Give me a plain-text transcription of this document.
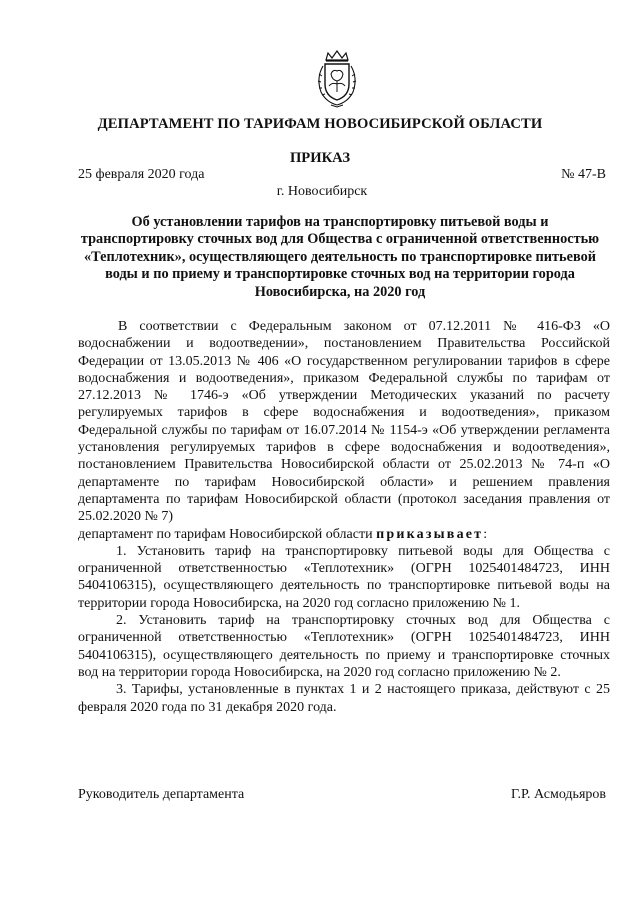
ДЕПАРТАМЕНТ ПО ТАРИФАМ НОВОСИБИРСКОЙ ОБЛАСТИ
ПРИКАЗ
25 февраля 2020 года	№ 47-В
г. Новосибирск
Об установлении тарифов на транспортировку питьевой воды и транспортировку сточных вод для Общества с ограниченной ответственностью «Теплотехник», осуществляющего деятельность по транспортировке питьевой воды и по приему и транспортировке сточных вод на территории города Новосибирска, на 2020 год

В соответствии с Федеральным законом от 07.12.2011 № 416-ФЗ «О водоснабжении и водоотведении», постановлением Правительства Российской Федерации от 13.05.2013 № 406 «О государственном регулировании тарифов в сфере водоснабжения и водоотведения», приказом Федеральной службы по тарифам от 27.12.2013 № 1746-э «Об утверждении Методических указаний по расчету регулируемых тарифов в сфере водоснабжения и водоотведения», приказом Федеральной службы по тарифам от 16.07.2014 № 1154-э «Об утверждении регламента установления регулируемых тарифов в сфере водоснабжения и водоотведения», постановлением Правительства Новосибирской области от 25.02.2013 № 74-п «О департаменте по тарифам Новосибирской области» и решением правления департамента по тарифам Новосибирской области (протокол заседания правления от 25.02.2020 № 7)

департамент по тарифам Новосибирской области приказывает:

1. Установить тариф на транспортировку питьевой воды для Общества с ограниченной ответственностью «Теплотехник» (ОГРН 1025401484723, ИНН 5404106315), осуществляющего деятельность по транспортировке питьевой воды на территории города Новосибирска, на 2020 год согласно приложению № 1.

2. Установить тариф на транспортировку сточных вод для Общества с ограниченной ответственностью «Теплотехник» (ОГРН 1025401484723, ИНН 5404106315), осуществляющего деятельность по приему и транспортировке сточных вод на территории города Новосибирска, на 2020 год согласно приложению № 2.

3. Тарифы, установленные в пунктах 1 и 2 настоящего приказа, действуют с 25 февраля 2020 года по 31 декабря 2020 года.

Руководитель департамента	Г.Р. Асмодьяров
